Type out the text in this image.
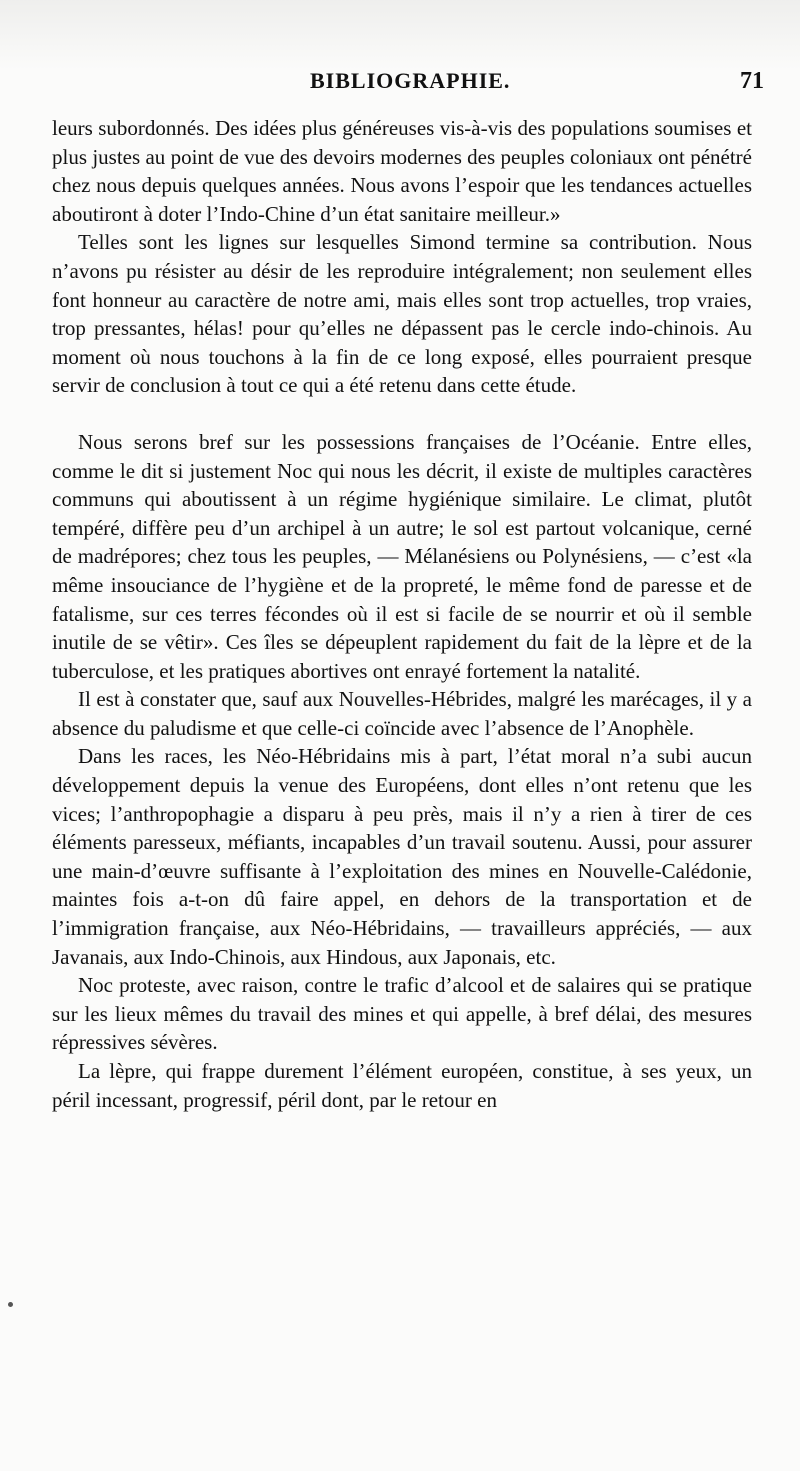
BIBLIOGRAPHIE.	71

leurs subordonnés. Des idées plus généreuses vis-à-vis des populations soumises et plus justes au point de vue des devoirs modernes des peuples coloniaux ont pénétré chez nous depuis quelques années. Nous avons l’espoir que les tendances actuelles aboutiront à doter l’Indo-Chine d’un état sanitaire meilleur.»

Telles sont les lignes sur lesquelles Simond termine sa contribution. Nous n’avons pu résister au désir de les reproduire intégralement; non seulement elles font honneur au caractère de notre ami, mais elles sont trop actuelles, trop vraies, trop pressantes, hélas! pour qu’elles ne dépassent pas le cercle indo-chinois. Au moment où nous touchons à la fin de ce long exposé, elles pourraient presque servir de conclusion à tout ce qui a été retenu dans cette étude.

Nous serons bref sur les possessions françaises de l’Océanie. Entre elles, comme le dit si justement Noc qui nous les décrit, il existe de multiples caractères communs qui aboutissent à un régime hygiénique similaire. Le climat, plutôt tempéré, diffère peu d’un archipel à un autre; le sol est partout volcanique, cerné de madrépores; chez tous les peuples, — Mélanésiens ou Polynésiens, — c’est «la même insouciance de l’hygiène et de la propreté, le même fond de paresse et de fatalisme, sur ces terres fécondes où il est si facile de se nourrir et où il semble inutile de se vêtir». Ces îles se dépeuplent rapidement du fait de la lèpre et de la tuberculose, et les pratiques abortives ont enrayé fortement la natalité.

Il est à constater que, sauf aux Nouvelles-Hébrides, malgré les marécages, il y a absence du paludisme et que celle-ci coïncide avec l’absence de l’Anophèle.

Dans les races, les Néo-Hébridains mis à part, l’état moral n’a subi aucun développement depuis la venue des Européens, dont elles n’ont retenu que les vices; l’anthropophagie a disparu à peu près, mais il n’y a rien à tirer de ces éléments paresseux, méfiants, incapables d’un travail soutenu. Aussi, pour assurer une main-d’œuvre suffisante à l’exploitation des mines en Nouvelle-Calédonie, maintes fois a-t-on dû faire appel, en dehors de la transportation et de l’immigration française, aux Néo-Hébridains, — travailleurs appréciés, — aux Javanais, aux Indo-Chinois, aux Hindous, aux Japonais, etc.

Noc proteste, avec raison, contre le trafic d’alcool et de salaires qui se pratique sur les lieux mêmes du travail des mines et qui appelle, à bref délai, des mesures répressives sévères.

La lèpre, qui frappe durement l’élément européen, constitue, à ses yeux, un péril incessant, progressif, péril dont, par le retour en
